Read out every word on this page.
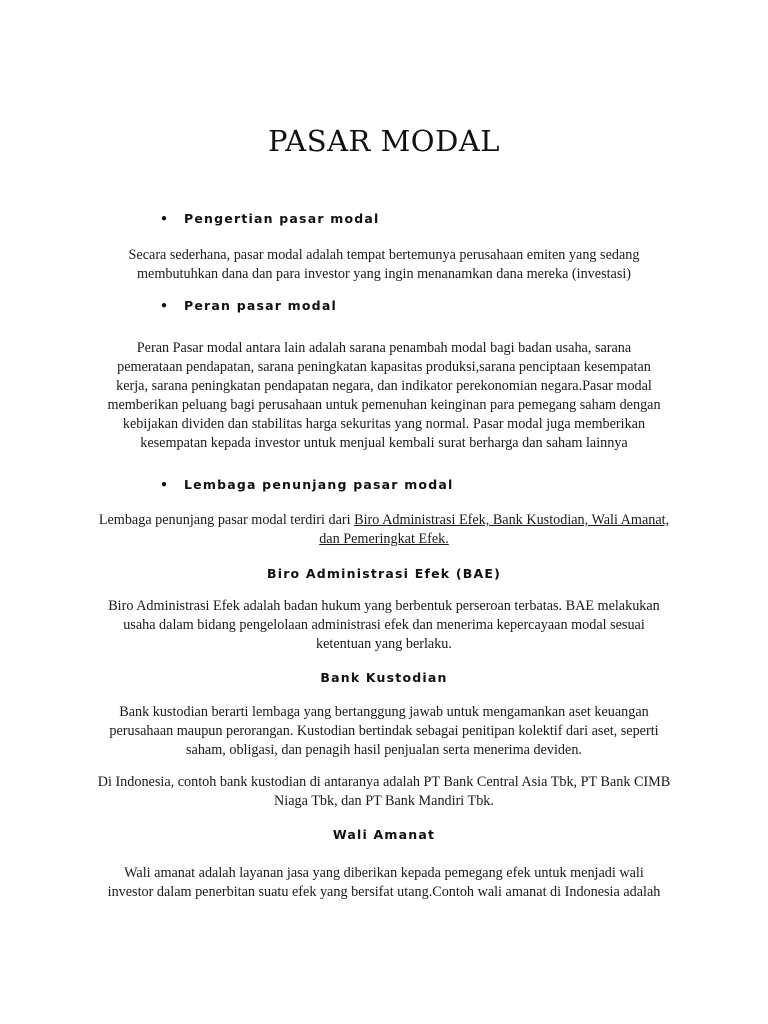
PASAR MODAL
• Pengertian pasar modal
Secara sederhana, pasar modal adalah tempat bertemunya perusahaan emiten yang sedang
membutuhkan dana dan para investor yang ingin menanamkan dana mereka (investasi)
• Peran pasar modal
Peran Pasar modal antara lain adalah sarana penambah modal bagi badan usaha, sarana
pemerataan pendapatan, sarana peningkatan kapasitas produksi,sarana penciptaan kesempatan
kerja, sarana peningkatan pendapatan negara, dan indikator perekonomian negara.Pasar modal
memberikan peluang bagi perusahaan untuk pemenuhan keinginan para pemegang saham dengan
kebijakan dividen dan stabilitas harga sekuritas yang normal. Pasar modal juga memberikan
kesempatan kepada investor untuk menjual kembali surat berharga dan saham lainnya
• Lembaga penunjang pasar modal
Lembaga penunjang pasar modal terdiri dari Biro Administrasi Efek, Bank Kustodian, Wali Amanat,
dan Pemeringkat Efek.
Biro Administrasi Efek (BAE)
Biro Administrasi Efek adalah badan hukum yang berbentuk perseroan terbatas. BAE melakukan
usaha dalam bidang pengelolaan administrasi efek dan menerima kepercayaan modal sesuai
ketentuan yang berlaku.
Bank Kustodian
Bank kustodian berarti lembaga yang bertanggung jawab untuk mengamankan aset keuangan
perusahaan maupun perorangan. Kustodian bertindak sebagai penitipan kolektif dari aset, seperti
saham, obligasi, dan penagih hasil penjualan serta menerima deviden.
Di Indonesia, contoh bank kustodian di antaranya adalah PT Bank Central Asia Tbk, PT Bank CIMB
Niaga Tbk, dan PT Bank Mandiri Tbk.
Wali Amanat
Wali amanat adalah layanan jasa yang diberikan kepada pemegang efek untuk menjadi wali
investor dalam penerbitan suatu efek yang bersifat utang.Contoh wali amanat di Indonesia adalah
